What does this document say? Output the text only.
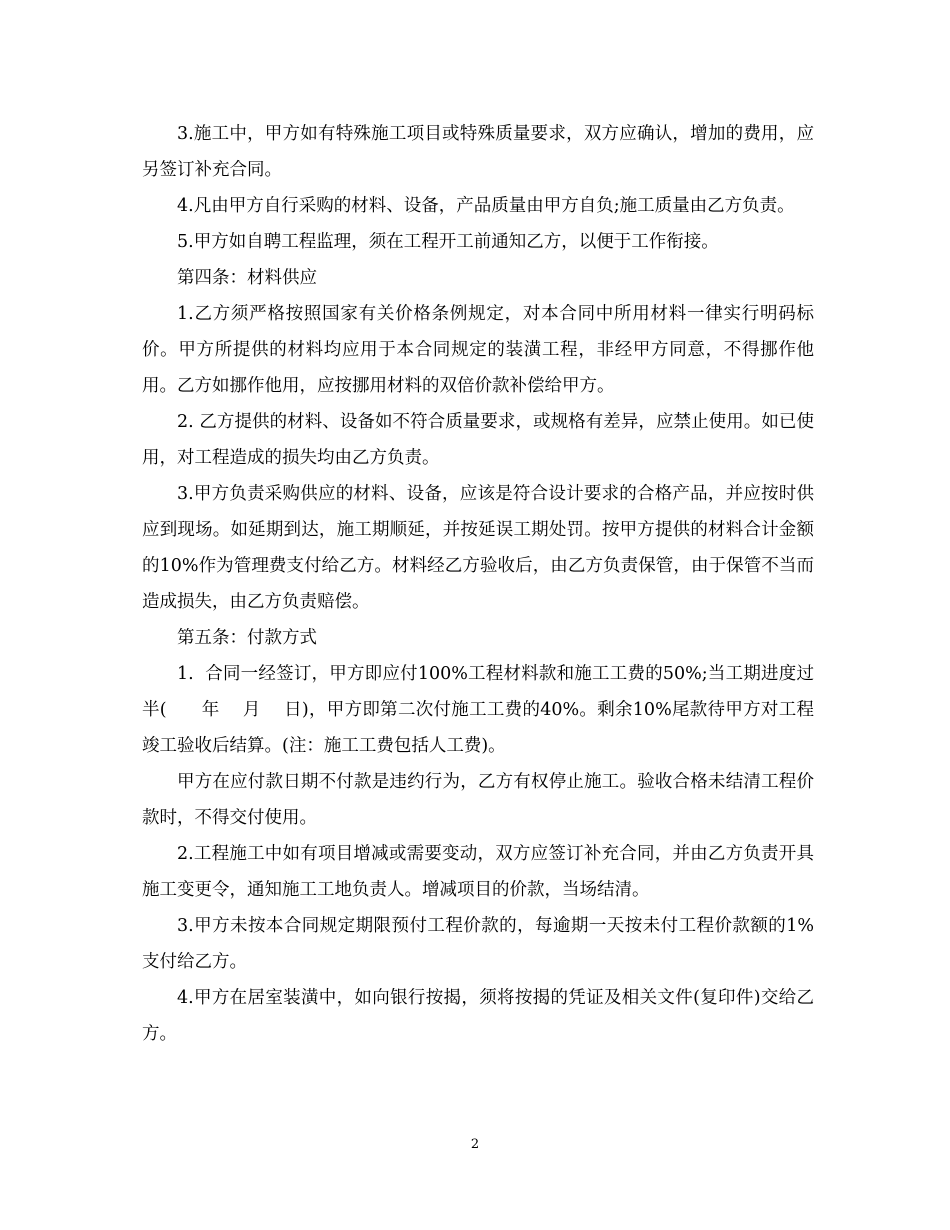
3.施工中，甲方如有特殊施工项目或特殊质量要求，双方应确认，增加的费用，应另签订补充合同。

4.凡由甲方自行采购的材料、设备，产品质量由甲方自负;施工质量由乙方负责。

5.甲方如自聘工程监理，须在工程开工前通知乙方，以便于工作衔接。

第四条：材料供应

1.乙方须严格按照国家有关价格条例规定，对本合同中所用材料一律实行明码标价。甲方所提供的材料均应用于本合同规定的装潢工程，非经甲方同意，不得挪作他用。乙方如挪作他用，应按挪用材料的双倍价款补偿给甲方。

2. 乙方提供的材料、设备如不符合质量要求，或规格有差异，应禁止使用。如已使用，对工程造成的损失均由乙方负责。

3.甲方负责采购供应的材料、设备，应该是符合设计要求的合格产品，并应按时供应到现场。如延期到达，施工期顺延，并按延误工期处罚。按甲方提供的材料合计金额的10%作为管理费支付给乙方。材料经乙方验收后，由乙方负责保管，由于保管不当而造成损失，由乙方负责赔偿。

第五条：付款方式

1.  合同一经签订，甲方即应付100%工程材料款和施工工费的50%;当工期进度过半(      年    月    日)，甲方即第二次付施工工费的40%。剩余10%尾款待甲方对工程竣工验收后结算。(注：施工工费包括人工费)。

甲方在应付款日期不付款是违约行为，乙方有权停止施工。验收合格未结清工程价款时，不得交付使用。

2.工程施工中如有项目增减或需要变动，双方应签订补充合同，并由乙方负责开具施工变更令，通知施工工地负责人。增减项目的价款，当场结清。

3.甲方未按本合同规定期限预付工程价款的，每逾期一天按未付工程价款额的1%支付给乙方。

4.甲方在居室装潢中，如向银行按揭，须将按揭的凭证及相关文件(复印件)交给乙方。

2
